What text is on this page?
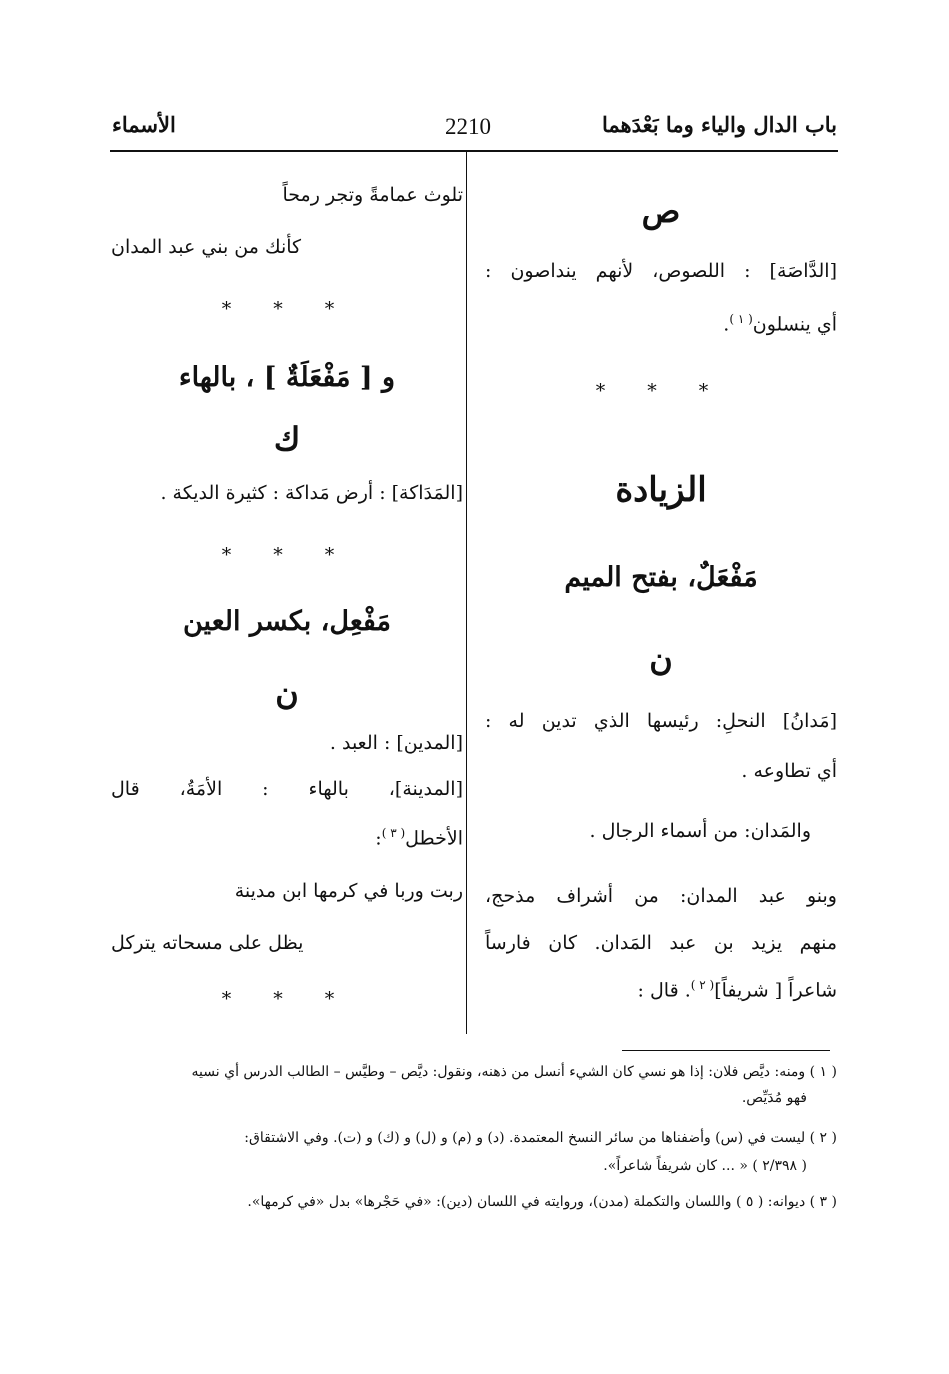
باب الدال والياء وما بَعْدَهما
2210
الأسماء
ص
[الدَّاصَة] : اللصوص، لأنهم ينداصون :
أي ينسلون$^{( ١ )}$.
* * *
الزيادة
مَفْعَلٌ، بفتح الميم
ن
[مَدانُ] النحلِ: رئيسها الذي تدين له :
أي تطاوعه .
والمَدان: من أسماء الرجال .
وبنو عبد المدان: من أشراف مذحج،
منهم يزيد بن عبد المَدان. كان فارساً
شاعراً [ شريفاً]$^{( ٢ )}$. قال :
تلوث عمامةً وتجر رمحاً
كأنك من بني عبد المدان
* * *
و [ مَفْعَلَةٌ ] ، بالهاء
ك
[المَدَاكة] : أرض مَداكة : كثيرة الديكة .
* * *
مَفْعِل، بكسر العين
ن
[المدين] : العبد .
[المدينة]، بالهاء : الأمَةُ، قال
الأخطل$^{( ٣ )}$:
ربت وربا في كرمها ابن مدينة
يظل على مسحاته يتركل
* * *
( ١ ) ومنه: ديَّص فلان: إذا هو نسي كان الشيء أنسل من ذهنه، ونقول: ديَّص – وطيَّس – الطالب الدرس أي نسيه
فهو مُدَيِّص.
( ٢ ) ليست في (س) وأضفناها من سائر النسخ المعتمدة. (د) و (م) و (ل) و (ك) و (ت). وفي الاشتقاق:
( ٢/٣٩٨ ) « ... كان شريفاً شاعراً».
( ٣ ) ديوانه: ( ٥ ) واللسان والتكملة (مدن)، وروايته في اللسان (دين): «في حَجْرها» بدل «في كرمها».
